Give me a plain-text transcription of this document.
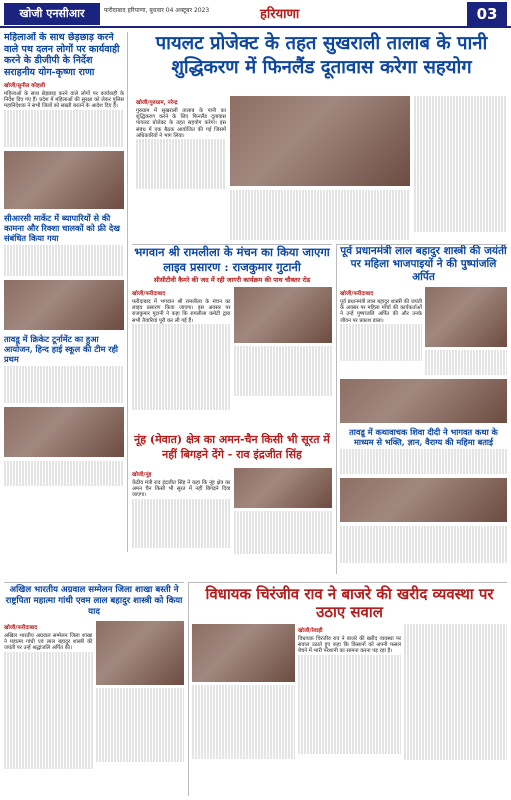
खोजी एनसीआर	फरीदाबाद हरियाणा, बुधवार 04 अक्टूबर 2023	हरियाणा	03
महिलाओं के साथ छेड़छाड़ करने वाले पथ दलन लोगों पर कार्यवाही करने के डीजीपी के निर्देश सराहनीय योग-कृष्णा राणा
खोजी/सुनील कोहली
महिलाओं के साथ छेड़छाड़ करने वाले लोगों पर कार्यवाही के निर्देश दिए गए हैं। प्रदेश में महिलाओं की सुरक्षा को लेकर पुलिस महानिदेशक ने सभी जिलों को सख्ती बरतने के आदेश दिए हैं।
सीआरसी मार्केट में ब्यापारियों से की कामना और रिक्शा चालकों को फ्री देख संबंधित किया गया
तावडू में क्रिकेट टूर्नामेंट का हुआ आयोजन, हिन्द हाई स्कूल की टीम रही प्रथम
पायलट प्रोजेक्ट के तहत सुखराली तालाब के पानी शुद्धिकरण में फिनलैंड दूतावास करेगा सहयोग
खोजी/गुरुग्राम, नरेन्द्र
गुरुग्राम में सुखराली तालाब के पानी का शुद्धिकरण करने के लिए फिनलैंड दूतावास पायलट प्रोजेक्ट के तहत सहयोग करेगा। इस संबंध में एक बैठक आयोजित की गई जिसमें अधिकारियों ने भाग लिया।
भगवान श्री रामलीला के मंचन का किया जाएगा लाइव प्रसारण : राजकुमार गुटानी
सीसीटीवी कैमरे की जद में रही जागरी कार्यक्रम की पाथ चौक्तर रोड
खोजी/फरीदाबाद
फरीदाबाद में भगवान श्री रामलीला के मंचन का लाइव प्रसारण किया जाएगा। इस अवसर पर राजकुमार गुटानी ने कहा कि रामलीला कमेटी द्वारा सभी तैयारियां पूरी कर ली गई हैं।
नूंह (मेवात) क्षेत्र का अमन-चैन किसी भी सूरत में नहीं बिगड़ने देंगे - राव इंद्रजीत सिंह
खोजी/नूंह
केंद्रीय मंत्री राव इंद्रजीत सिंह ने कहा कि नूंह क्षेत्र का अमन चैन किसी भी सूरत में नहीं बिगड़ने दिया जाएगा।
पूर्व प्रधानमंत्री लाल बहादुर शास्त्री की जयंती पर महिला भाजपाइयों ने की पुष्पांजलि अर्पित
खोजी/फरीदाबाद
पूर्व प्रधानमंत्री लाल बहादुर शास्त्री की जयंती के अवसर पर महिला मोर्चा की कार्यकर्ताओं ने उन्हें पुष्पांजलि अर्पित की और उनके जीवन पर प्रकाश डाला।
तावडू में कथावाचक शिवा दीदी ने भागवत कथा के माध्यम से भक्ति, ज्ञान, वैराग्य की महिमा बताई
अखिल भारतीय अग्रवाल सम्मेलन जिला शाखा बस्ती ने राष्ट्रपिता महात्मा गांधी एवम लाल बहादुर शास्त्री को किया याद
खोजी/फरीदाबाद
अखिल भारतीय अग्रवाल सम्मेलन जिला शाखा ने महात्मा गांधी एवं लाल बहादुर शास्त्री की जयंती पर उन्हें श्रद्धांजलि अर्पित की।
विधायक चिरंजीव राव ने बाजरे की खरीद व्यवस्था पर उठाए सवाल
खोजी/रेवाड़ी
विधायक चिरंजीव राव ने बाजरे की खरीद व्यवस्था पर सवाल उठाते हुए कहा कि किसानों को अपनी फसल बेचने में भारी परेशानी का सामना करना पड़ रहा है।
